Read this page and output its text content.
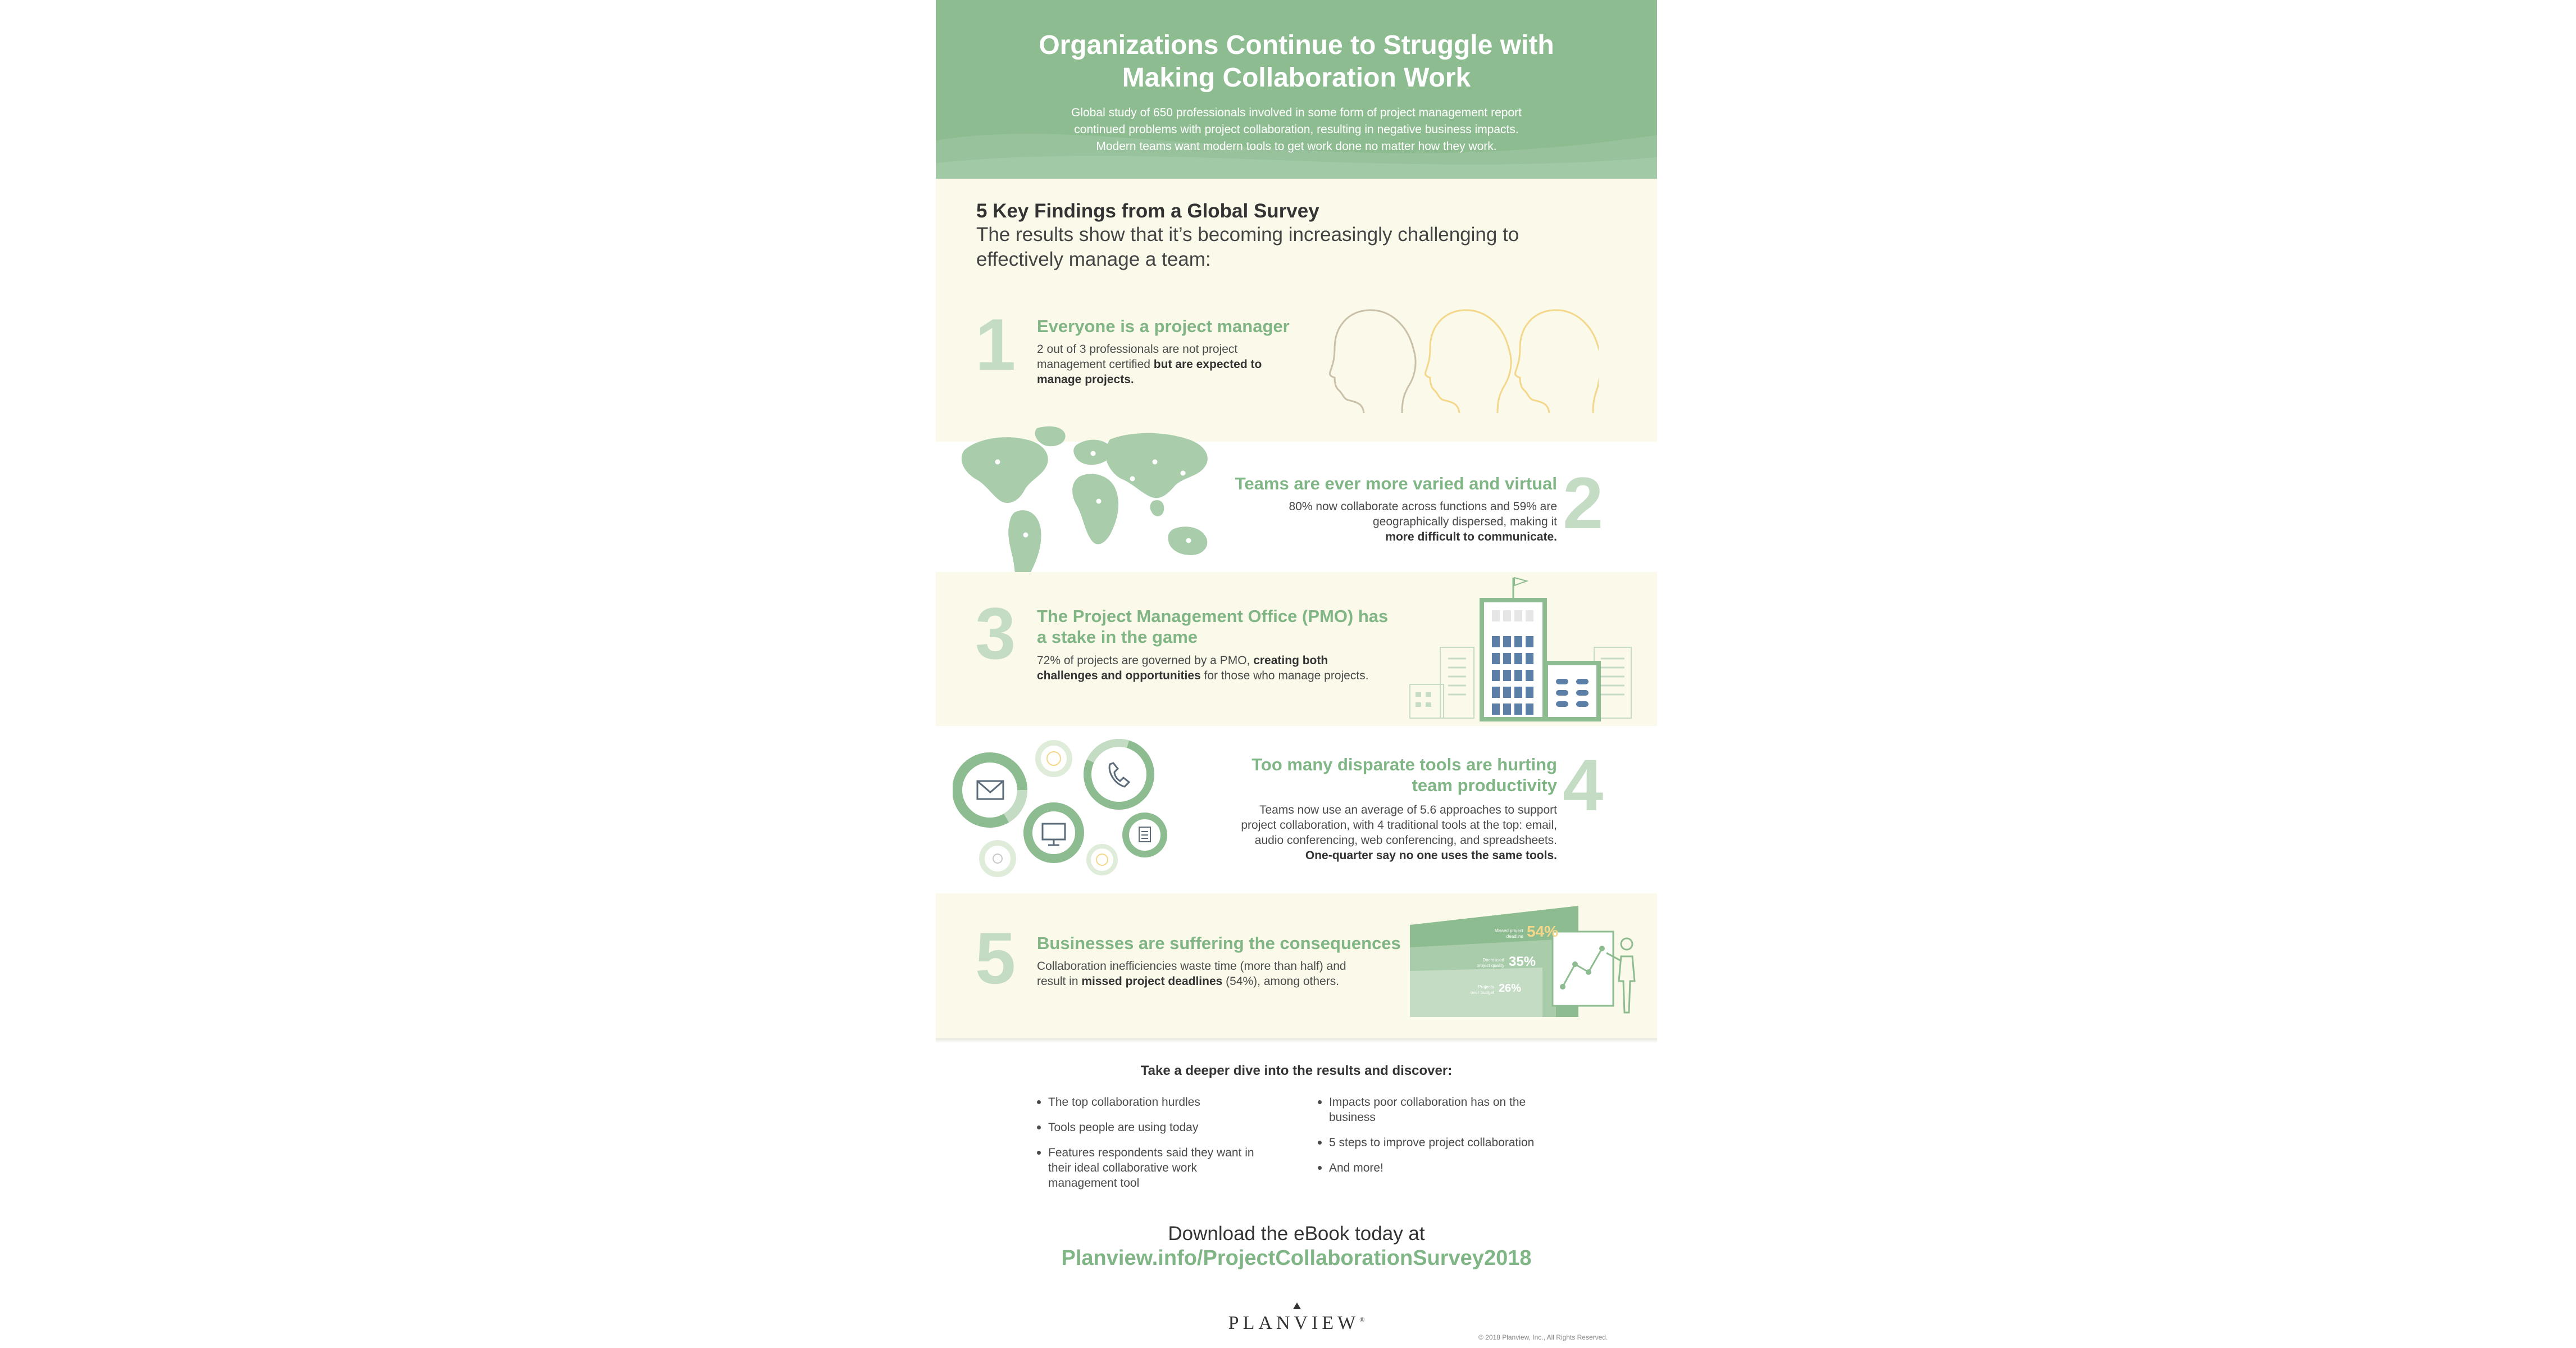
Organizations Continue to Struggle with
Making Collaboration Work
Global study of 650 professionals involved in some form of project management report
continued problems with project collaboration, resulting in negative business impacts.
Modern teams want modern tools to get work done no matter how they work.
5 Key Findings from a Global Survey
The results show that it’s becoming increasingly challenging to
effectively manage a team:
1 Everyone is a project manager
2 out of 3 professionals are not project
management certified but are expected to
manage projects.
Teams are ever more varied and virtual
80% now collaborate across functions and 59% are
geographically dispersed, making it
more difficult to communicate. 2
3 The Project Management Office (PMO) has
a stake in the game
72% of projects are governed by a PMO, creating both
challenges and opportunities for those who manage projects.
Too many disparate tools are hurting
team productivity
Teams now use an average of 5.6 approaches to support
project collaboration, with 4 traditional tools at the top: email,
audio conferencing, web conferencing, and spreadsheets.
One-quarter say no one uses the same tools.
4
5 Businesses are suffering the consequences
Collaboration inefficiencies waste time (more than half) and
result in missed project deadlines (54%), among others.
Missed project
deadline 54%
Decreased
project quality 35%
Projects
over budget 26%
Take a deeper dive into the results and discover:
The top collaboration hurdles
Tools people are using today
Features respondents said they want in
their ideal collaborative work
management tool
Impacts poor collaboration has on the
business
5 steps to improve project collaboration
And more!
Download the eBook today at
Planview.info/ProjectCollaborationSurvey2018
PLANVIEW®
© 2018 Planview, Inc., All Rights Reserved.
